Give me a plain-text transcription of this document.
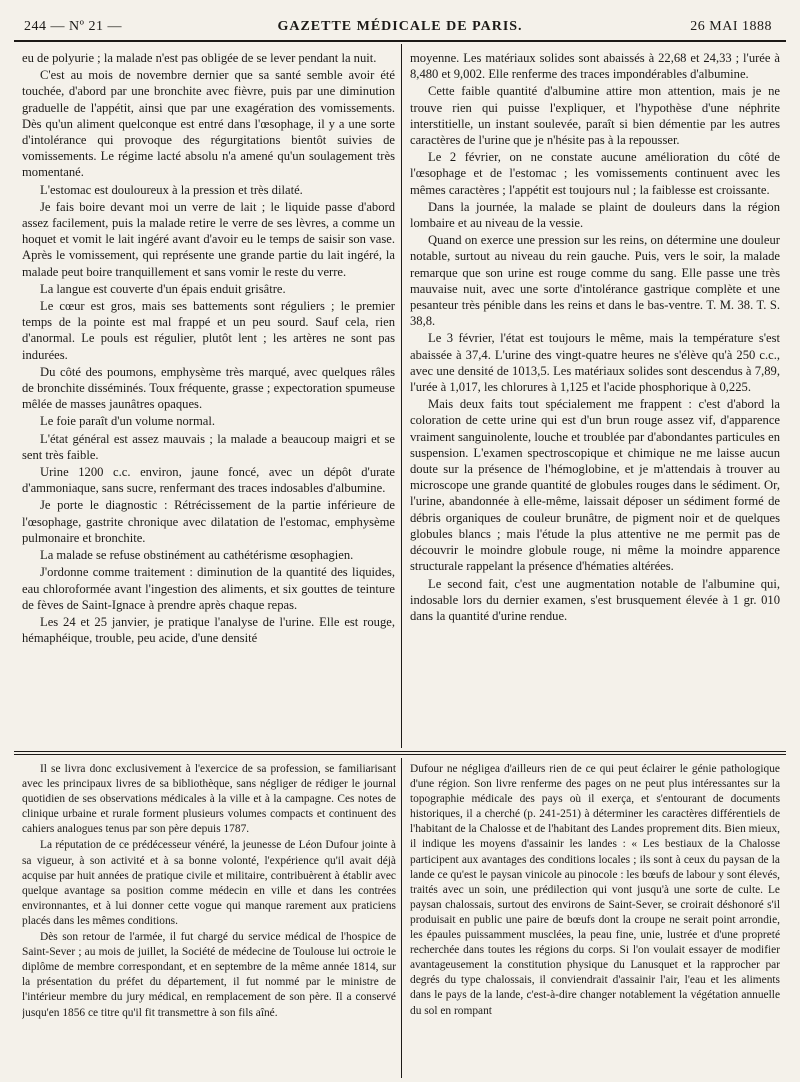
244 — Nº 21 —	GAZETTE MÉDICALE DE PARIS.	26 MAI 1888

eu de polyurie ; la malade n'est pas obligée de se lever pendant la nuit.

C'est au mois de novembre dernier que sa santé semble avoir été touchée, d'abord par une bronchite avec fièvre, puis par une diminution graduelle de l'appétit, ainsi que par une exagération des vomissements. Dès qu'un aliment quelconque est entré dans l'œsophage, il y a une sorte d'intolérance qui provoque des régurgitations bientôt suivies de vomissements. Le régime lacté absolu n'a amené qu'un soulagement très momentané.

L'estomac est douloureux à la pression et très dilaté.

Je fais boire devant moi un verre de lait ; le liquide passe d'abord assez facilement, puis la malade retire le verre de ses lèvres, a comme un hoquet et vomit le lait ingéré avant d'avoir eu le temps de saisir son vase. Après le vomissement, qui représente une grande partie du lait ingéré, la malade peut boire tranquillement et sans vomir le reste du verre.

La langue est couverte d'un épais enduit grisâtre.

Le cœur est gros, mais ses battements sont réguliers ; le premier temps de la pointe est mal frappé et un peu sourd. Sauf cela, rien d'anormal. Le pouls est régulier, plutôt lent ; les artères ne sont pas indurées.

Du côté des poumons, emphysème très marqué, avec quelques râles de bronchite disséminés. Toux fréquente, grasse ; expectoration spumeuse mêlée de masses jaunâtres opaques.

Le foie paraît d'un volume normal.

L'état général est assez mauvais ; la malade a beaucoup maigri et se sent très faible.

Urine 1200 c.c. environ, jaune foncé, avec un dépôt d'urate d'ammoniaque, sans sucre, renfermant des traces indosables d'albumine.

Je porte le diagnostic : Rétrécissement de la partie inférieure de l'œsophage, gastrite chronique avec dilatation de l'estomac, emphysème pulmonaire et bronchite.

La malade se refuse obstinément au cathétérisme œsophagien.

J'ordonne comme traitement : diminution de la quantité des liquides, eau chloroformée avant l'ingestion des aliments, et six gouttes de teinture de fèves de Saint-Ignace à prendre après chaque repas.

Les 24 et 25 janvier, je pratique l'analyse de l'urine. Elle est rouge, hémaphéique, trouble, peu acide, d'une densité

moyenne. Les matériaux solides sont abaissés à 22,68 et 24,33 ; l'urée à 8,480 et 9,002. Elle renferme des traces impondérables d'albumine.

Cette faible quantité d'albumine attire mon attention, mais je ne trouve rien qui puisse l'expliquer, et l'hypothèse d'une néphrite interstitielle, un instant soulevée, paraît si bien démentie par les autres caractères de l'urine que je n'hésite pas à la repousser.

Le 2 février, on ne constate aucune amélioration du côté de l'œsophage et de l'estomac ; les vomissements continuent avec les mêmes caractères ; l'appétit est toujours nul ; la faiblesse est croissante.

Dans la journée, la malade se plaint de douleurs dans la région lombaire et au niveau de la vessie.

Quand on exerce une pression sur les reins, on détermine une douleur notable, surtout au niveau du rein gauche. Puis, vers le soir, la malade remarque que son urine est rouge comme du sang. Elle passe une très mauvaise nuit, avec une sorte d'intolérance gastrique complète et une pesanteur très pénible dans les reins et dans le bas-ventre. T. M. 38. T. S. 38,8.

Le 3 février, l'état est toujours le même, mais la température s'est abaissée à 37,4. L'urine des vingt-quatre heures ne s'élève qu'à 250 c.c., avec une densité de 1013,5. Les matériaux solides sont descendus à 7,89, l'urée à 1,017, les chlorures à 1,125 et l'acide phosphorique à 0,225.

Mais deux faits tout spécialement me frappent : c'est d'abord la coloration de cette urine qui est d'un brun rouge assez vif, d'apparence vraiment sanguinolente, louche et troublée par d'abondantes particules en suspension. L'examen spectroscopique et chimique ne me laisse aucun doute sur la présence de l'hémoglobine, et je m'attendais à trouver au microscope une grande quantité de globules rouges dans le sédiment. Or, l'urine, abandonnée à elle-même, laissait déposer un sédiment formé de débris organiques de couleur brunâtre, de pigment noir et de quelques globules blancs ; mais l'étude la plus attentive ne me permit pas de découvrir le moindre globule rouge, ni même la moindre apparence structurale rappelant la présence d'hématies altérées.

Le second fait, c'est une augmentation notable de l'albumine qui, indosable lors du dernier examen, s'est brusquement élevée à 1 gr. 010 dans la quantité d'urine rendue.

Il se livra donc exclusivement à l'exercice de sa profession, se familiarisant avec les principaux livres de sa bibliothèque, sans négliger de rédiger le journal quotidien de ses observations médicales à la ville et à la campagne. Ces notes de clinique urbaine et rurale forment plusieurs volumes compacts et continuent des cahiers analogues tenus par son père depuis 1787.

La réputation de ce prédécesseur vénéré, la jeunesse de Léon Dufour jointe à sa vigueur, à son activité et à sa bonne volonté, l'expérience qu'il avait déjà acquise par huit années de pratique civile et militaire, contribuèrent à établir avec quelque avantage sa position comme médecin en ville et dans les contrées environnantes, et à lui donner cette vogue qui manque rarement aux praticiens placés dans les mêmes conditions.

Dès son retour de l'armée, il fut chargé du service médical de l'hospice de Saint-Sever ; au mois de juillet, la Société de médecine de Toulouse lui octroie le diplôme de membre correspondant, et en septembre de la même année 1814, sur la présentation du préfet du département, il fut nommé par le ministre de l'intérieur membre du jury médical, en remplacement de son père. Il a conservé jusqu'en 1856 ce titre qu'il fit transmettre à son fils aîné.

Dufour ne négligea d'ailleurs rien de ce qui peut éclairer le génie pathologique d'une région. Son livre renferme des pages on ne peut plus intéressantes sur la topographie médicale des pays où il exerça, et s'entourant de documents historiques, il a cherché (p. 241-251) à déterminer les caractères différentiels de l'habitant de la Chalosse et de l'habitant des Landes proprement dits. Bien mieux, il indique les moyens d'assainir les landes : « Les bestiaux de la Chalosse participent aux avantages des conditions locales ; ils sont à ceux du paysan de la lande ce qu'est le paysan vinicole au pinocole : les bœufs de labour y sont élevés, traités avec un soin, une prédilection qui vont jusqu'à une sorte de culte. Le paysan chalossais, surtout des environs de Saint-Sever, se croirait déshonoré s'il produisait en public une paire de bœufs dont la croupe ne serait point arrondie, les épaules puissamment musclées, la peau fine, unie, lustrée et d'une propreté recherchée dans toutes les régions du corps. Si l'on voulait essayer de modifier avantageusement la constitution physique du Lanusquet et la rapprocher par degrés du type chalossais, il conviendrait d'assainir l'air, l'eau et les aliments dans le pays de la lande, c'est-à-dire changer notablement la végétation annuelle du sol en rompant
